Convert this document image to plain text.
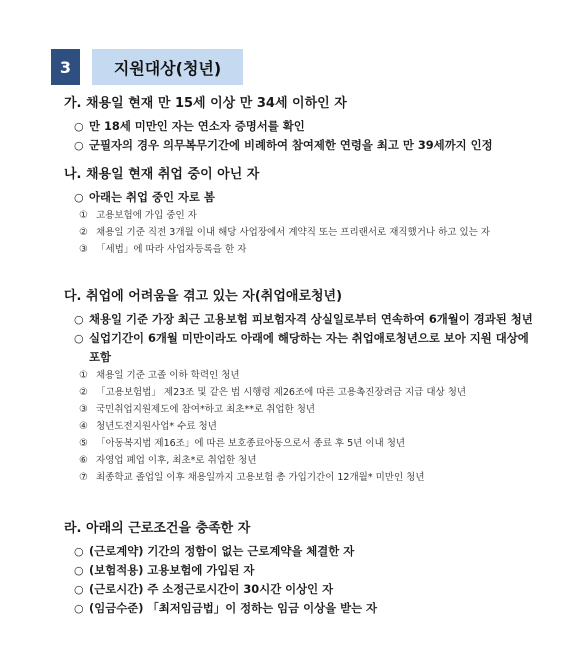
3	지원대상(청년)
가. 채용일 현재 만 15세 이상 만 34세 이하인 자
○ 만 18세 미만인 자는 연소자 증명서를 확인
○ 군필자의 경우 의무복무기간에 비례하여 참여제한 연령을 최고 만 39세까지 인정
나. 채용일 현재 취업 중이 아닌 자
○ 아래는 취업 중인 자로 봄
① 고용보험에 가입 중인 자
② 채용일 기준 직전 3개월 이내 해당 사업장에서 계약직 또는 프리랜서로 재직했거나 하고 있는 자
③ 「세법」에 따라 사업자등록을 한 자
다. 취업에 어려움을 겪고 있는 자(취업애로청년)
○ 채용일 기준 가장 최근 고용보험 피보험자격 상실일로부터 연속하여 6개월이 경과된 청년
○ 실업기간이 6개월 미만이라도 아래에 해당하는 자는 취업애로청년으로 보아 지원 대상에 포함
① 채용일 기준 고졸 이하 학력인 청년
② 「고용보험법」 제23조 및 같은 법 시행령 제26조에 따른 고용촉진장려금 지급 대상 청년
③ 국민취업지원제도에 참여*하고 최초**로 취업한 청년
④ 청년도전지원사업* 수료 청년
⑤ 「아동복지법 제16조」에 따른 보호종료아동으로서 종료 후 5년 이내 청년
⑥ 자영업 폐업 이후, 최초*로 취업한 청년
⑦ 최종학교 졸업일 이후 채용일까지 고용보험 총 가입기간이 12개월* 미만인 청년
라. 아래의 근로조건을 충족한 자
○ (근로계약) 기간의 정함이 없는 근로계약을 체결한 자
○ (보험적용) 고용보험에 가입된 자
○ (근로시간) 주 소정근로시간이 30시간 이상인 자
○ (임금수준) 「최저임금법」이 정하는 임금 이상을 받는 자
